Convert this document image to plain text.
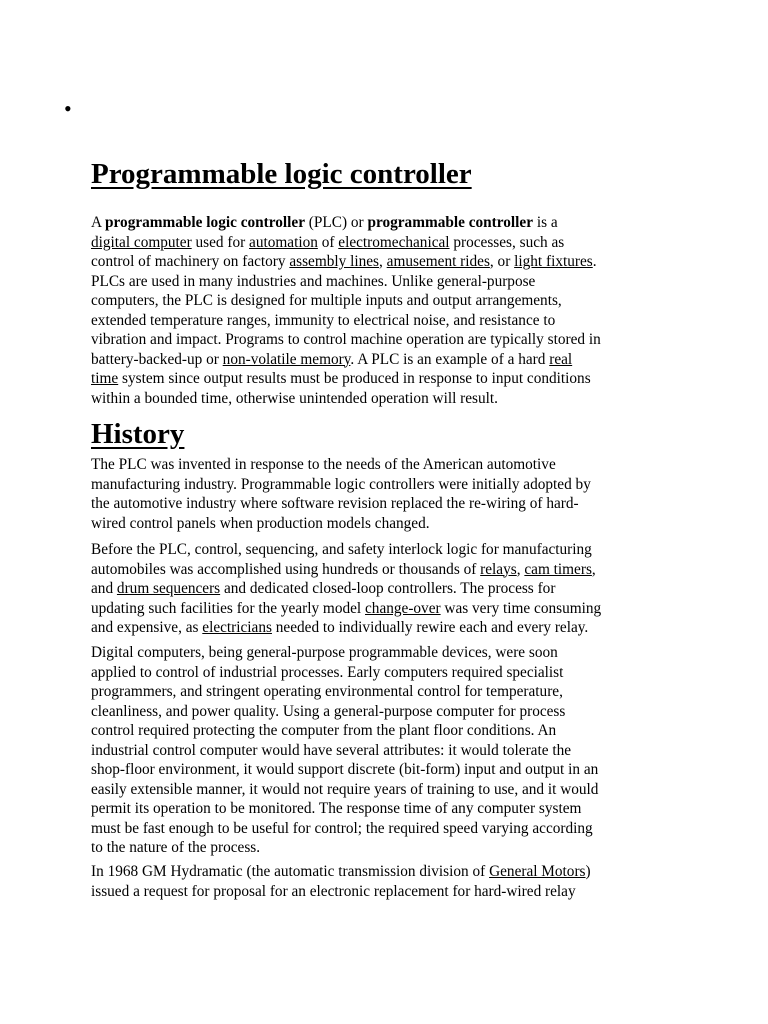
•
Programmable logic controller
A programmable logic controller (PLC) or programmable controller is a
digital computer used for automation of electromechanical processes, such as
control of machinery on factory assembly lines, amusement rides, or light fixtures.
PLCs are used in many industries and machines. Unlike general-purpose
computers, the PLC is designed for multiple inputs and output arrangements,
extended temperature ranges, immunity to electrical noise, and resistance to
vibration and impact. Programs to control machine operation are typically stored in
battery-backed-up or non-volatile memory. A PLC is an example of a hard real
time system since output results must be produced in response to input conditions
within a bounded time, otherwise unintended operation will result.
History
The PLC was invented in response to the needs of the American automotive
manufacturing industry. Programmable logic controllers were initially adopted by
the automotive industry where software revision replaced the re-wiring of hard-
wired control panels when production models changed.
Before the PLC, control, sequencing, and safety interlock logic for manufacturing
automobiles was accomplished using hundreds or thousands of relays, cam timers,
and drum sequencers and dedicated closed-loop controllers. The process for
updating such facilities for the yearly model change-over was very time consuming
and expensive, as electricians needed to individually rewire each and every relay.
Digital computers, being general-purpose programmable devices, were soon
applied to control of industrial processes. Early computers required specialist
programmers, and stringent operating environmental control for temperature,
cleanliness, and power quality. Using a general-purpose computer for process
control required protecting the computer from the plant floor conditions. An
industrial control computer would have several attributes: it would tolerate the
shop-floor environment, it would support discrete (bit-form) input and output in an
easily extensible manner, it would not require years of training to use, and it would
permit its operation to be monitored. The response time of any computer system
must be fast enough to be useful for control; the required speed varying according
to the nature of the process.
In 1968 GM Hydramatic (the automatic transmission division of General Motors)
issued a request for proposal for an electronic replacement for hard-wired relay
